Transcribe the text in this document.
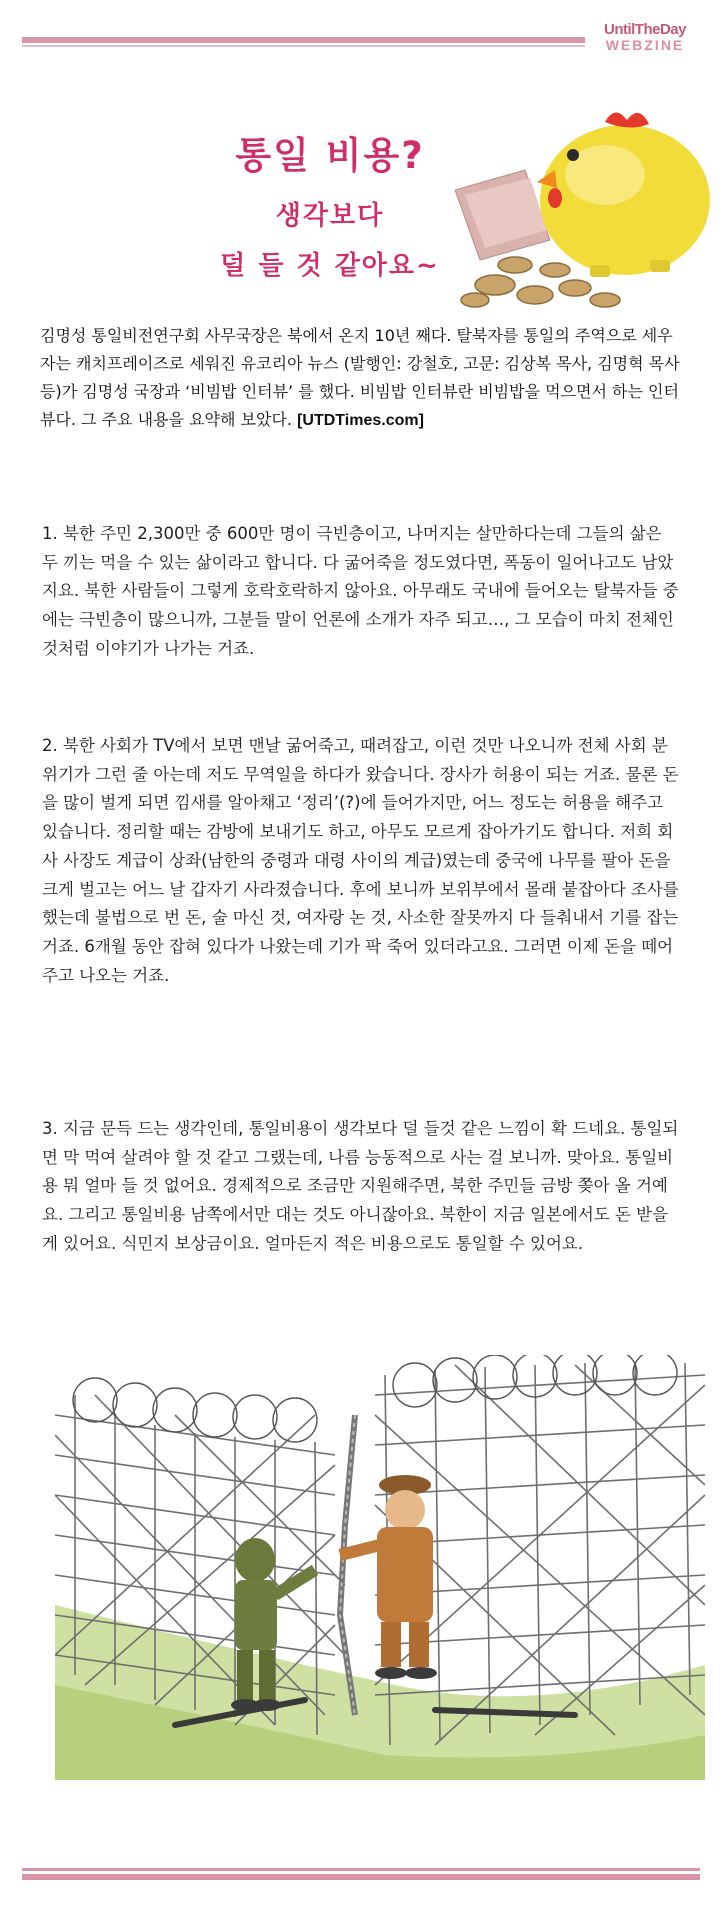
UntilTheDay
WEBZINE
통일 비용?
생각보다
덜 들 것 같아요~
김명성 통일비전연구회 사무국장은 북에서 온지 10년 째다. 탈북자를 통일의 주역으로 세우자는 캐치프레이즈로 세워진 유코리아 뉴스 (발행인: 강철호, 고문: 김상복 목사, 김명혁 목사 등)가 김명성 국장과 ‘비빔밥 인터뷰’ 를 했다. 비빔밥 인터뷰란 비빔밥을 먹으면서 하는 인터뷰다. 그 주요 내용을 요약해 보았다. [UTDTimes.com]
1. 북한 주민 2,300만 중 600만 명이 극빈층이고, 나머지는 살만하다는데 그들의 삶은 두 끼는 먹을 수 있는 삶이라고 합니다. 다 굶어죽을 정도였다면, 폭동이 일어나고도 남았지요. 북한 사람들이 그렇게 호락호락하지 않아요. 아무래도 국내에 들어오는 탈북자들 중에는 극빈층이 많으니까, 그분들 말이 언론에 소개가 자주 되고…, 그 모습이 마치 전체인 것처럼 이야기가 나가는 거죠.
2. 북한 사회가 TV에서 보면 맨날 굶어죽고, 때려잡고, 이런 것만 나오니까 전체 사회 분위기가 그런 줄 아는데 저도 무역일을 하다가 왔습니다. 장사가 허용이 되는 거죠. 물론 돈을 많이 벌게 되면 낌새를 알아채고 ‘정리’(?)에 들어가지만, 어느 정도는 허용을 해주고 있습니다. 정리할 때는 감방에 보내기도 하고, 아무도 모르게 잡아가기도 합니다. 저희 회사 사장도 계급이 상좌(남한의 중령과 대령 사이의 계급)였는데 중국에 나무를 팔아 돈을 크게 벌고는 어느 날 갑자기 사라졌습니다. 후에 보니까 보위부에서 몰래 붙잡아다 조사를 했는데 불법으로 번 돈, 술 마신 것, 여자랑 논 것, 사소한 잘못까지 다 들춰내서 기를 잡는 거죠. 6개월 동안 잡혀 있다가 나왔는데 기가 팍 죽어 있더라고요. 그러면 이제 돈을 떼어주고 나오는 거죠.
3. 지금 문득 드는 생각인데, 통일비용이 생각보다 덜 들것 같은 느낌이 확 드네요. 통일되면 막 먹여 살려야 할 것 같고 그랬는데, 나름 능동적으로 사는 걸 보니까. 맞아요. 통일비용 뭐 얼마 들 것 없어요. 경제적으로 조금만 지원해주면, 북한 주민들 금방 쫒아 올 거예요. 그리고 통일비용 남쪽에서만 대는 것도 아니잖아요. 북한이 지금 일본에서도 돈 받을 게 있어요. 식민지 보상금이요. 얼마든지 적은 비용으로도 통일할 수 있어요.
